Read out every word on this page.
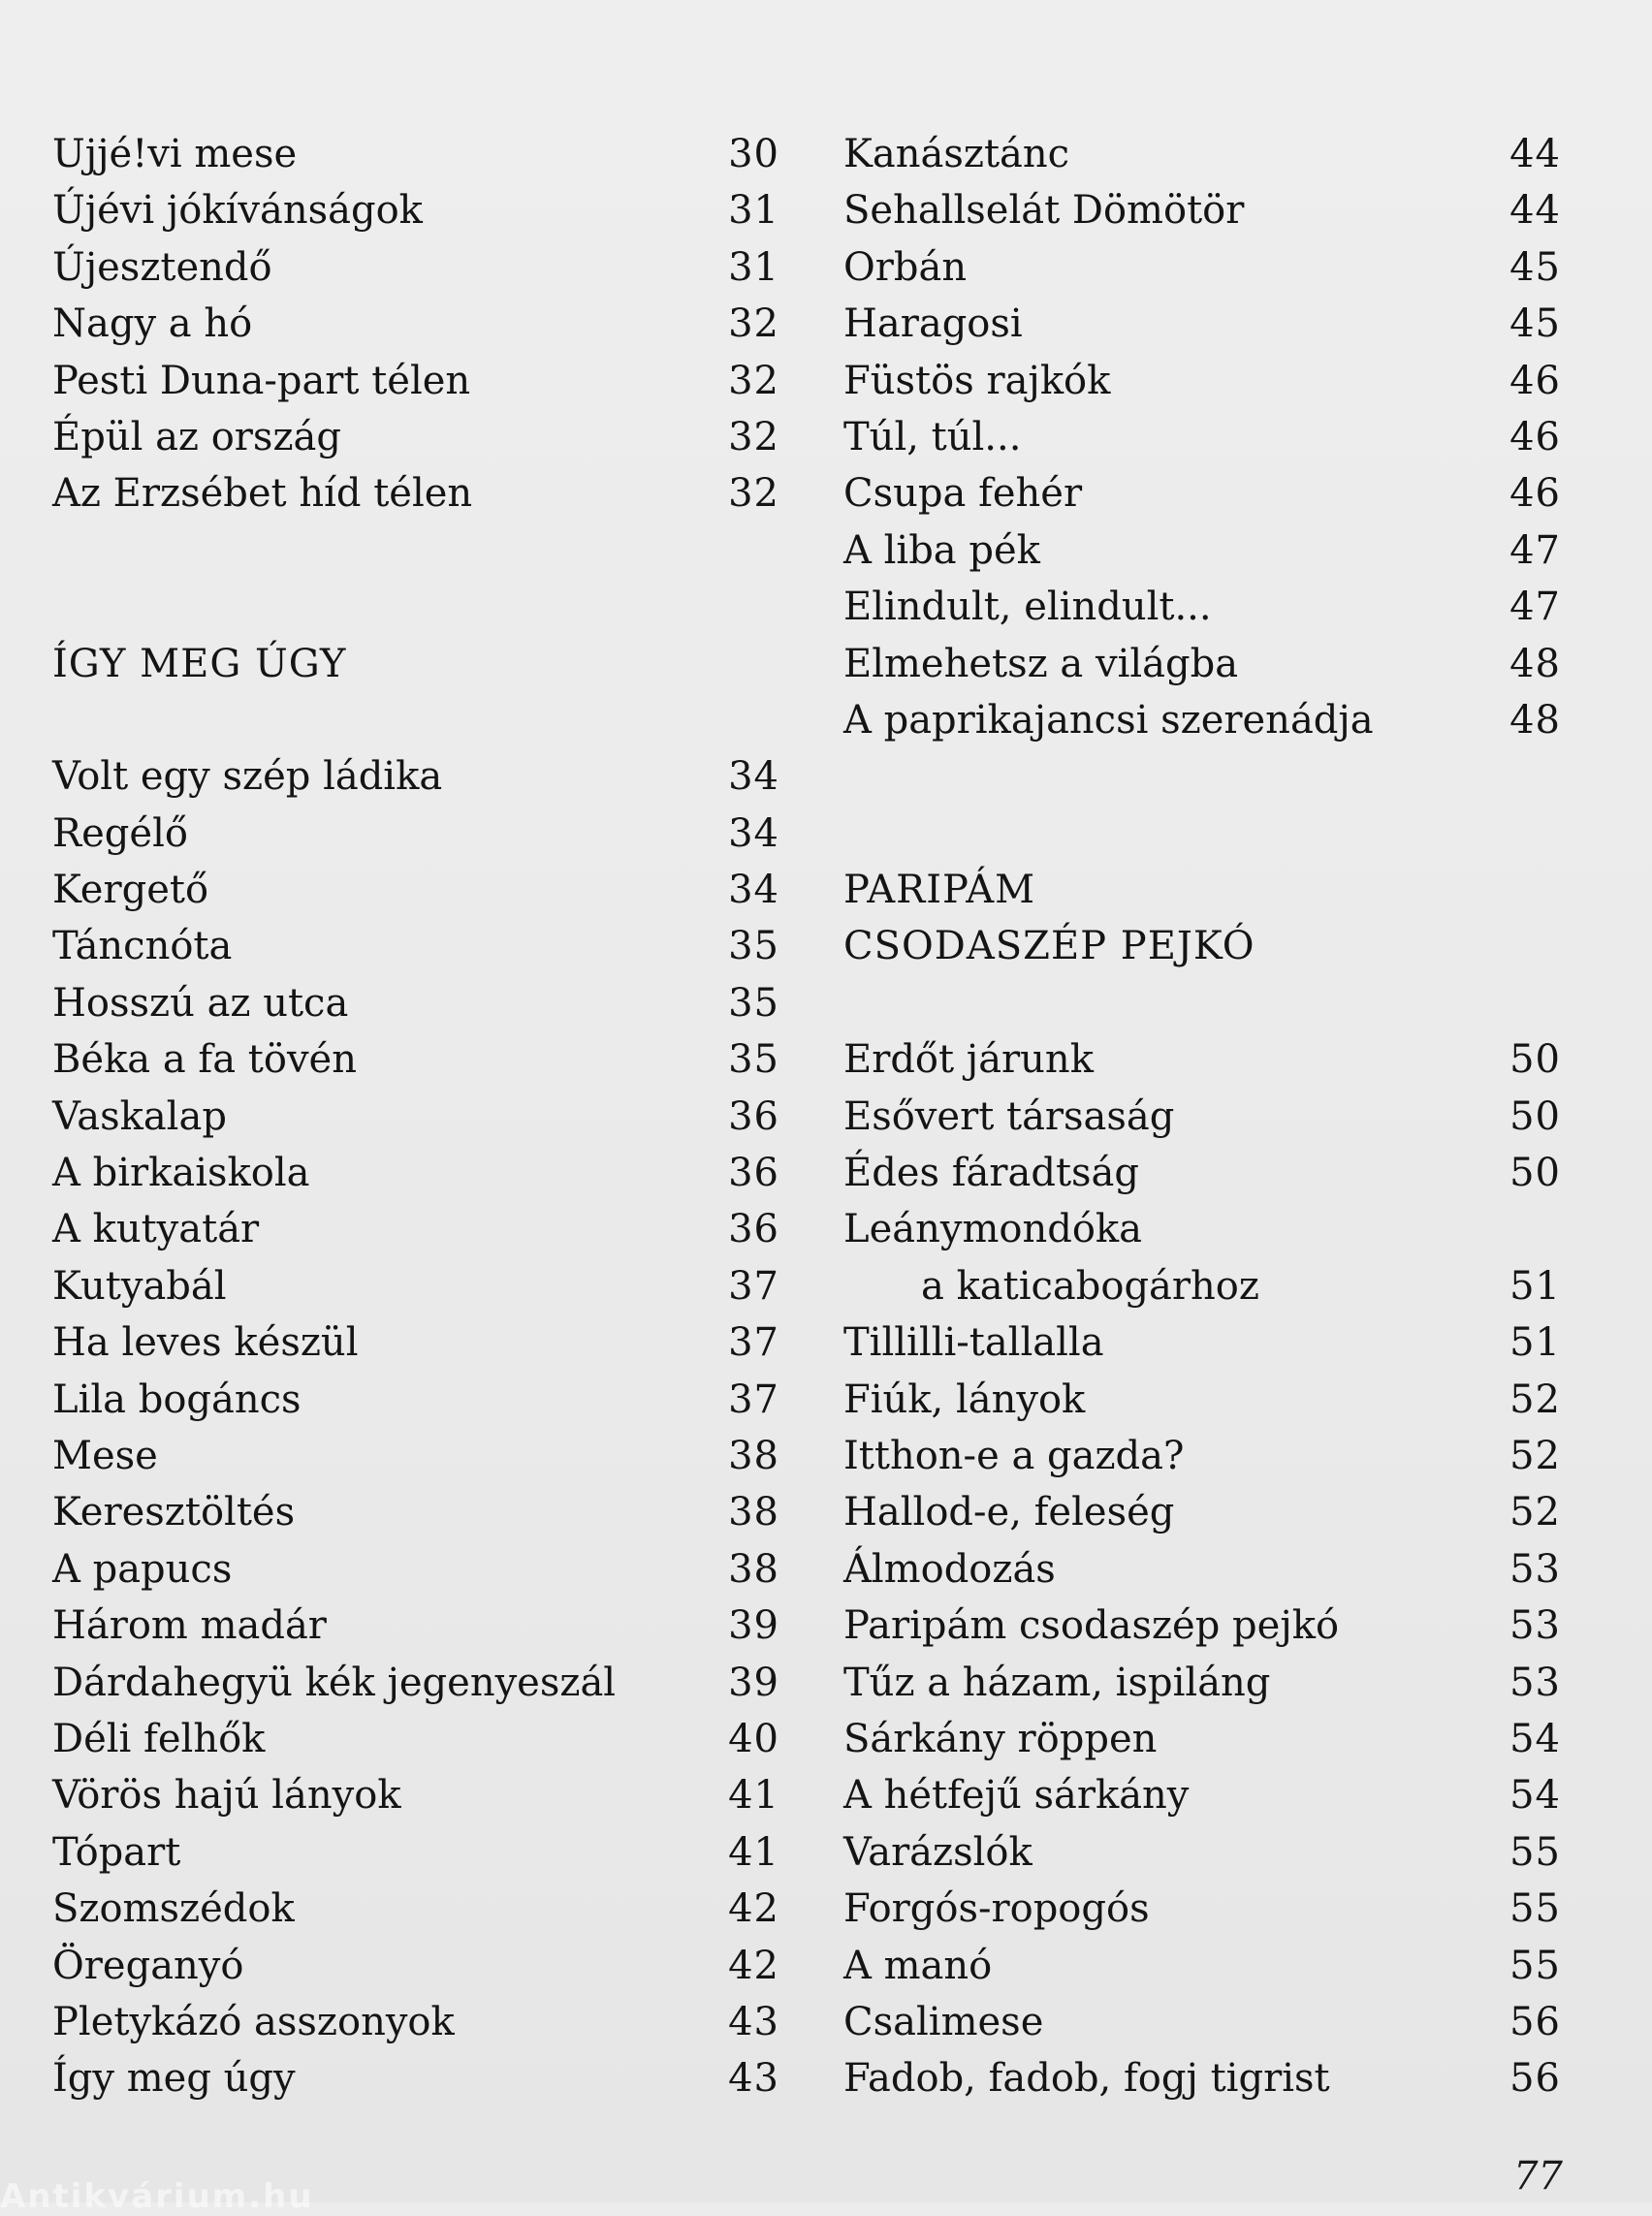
Ujjé!vi mese	30
Újévi jókívánságok	31
Újesztendő	31
Nagy a hó	32
Pesti Duna-part télen	32
Épül az ország	32
Az Erzsébet híd télen	32
ÍGY MEG ÚGY
Volt egy szép ládika	34
Regélő	34
Kergető	34
Táncnóta	35
Hosszú az utca	35
Béka a fa tövén	35
Vaskalap	36
A birkaiskola	36
A kutyatár	36
Kutyabál	37
Ha leves készül	37
Lila bogáncs	37
Mese	38
Keresztöltés	38
A papucs	38
Három madár	39
Dárdahegyü kék jegenyeszál	39
Déli felhők	40
Vörös hajú lányok	41
Tópart	41
Szomszédok	42
Öreganyó	42
Pletykázó asszonyok	43
Így meg úgy	43
Kanásztánc	44
Sehallselát Dömötör	44
Orbán	45
Haragosi	45
Füstös rajkók	46
Túl, túl...	46
Csupa fehér	46
A liba pék	47
Elindult, elindult...	47
Elmehetsz a világba	48
A paprikajancsi szerenádja	48
PARIPÁM
CSODASZÉP PEJKÓ
Erdőt járunk	50
Esővert társaság	50
Édes fáradtság	50
Leánymondóka
a katicabogárhoz	51
Tillilli-tallalla	51
Fiúk, lányok	52
Itthon-e a gazda?	52
Hallod-e, feleség	52
Álmodozás	53
Paripám csodaszép pejkó	53
Tűz a házam, ispiláng	53
Sárkány röppen	54
A hétfejű sárkány	54
Varázslók	55
Forgós-ropogós	55
A manó	55
Csalimese	56
Fadob, fadob, fogj tigrist	56
77
Antikvárium.hu
